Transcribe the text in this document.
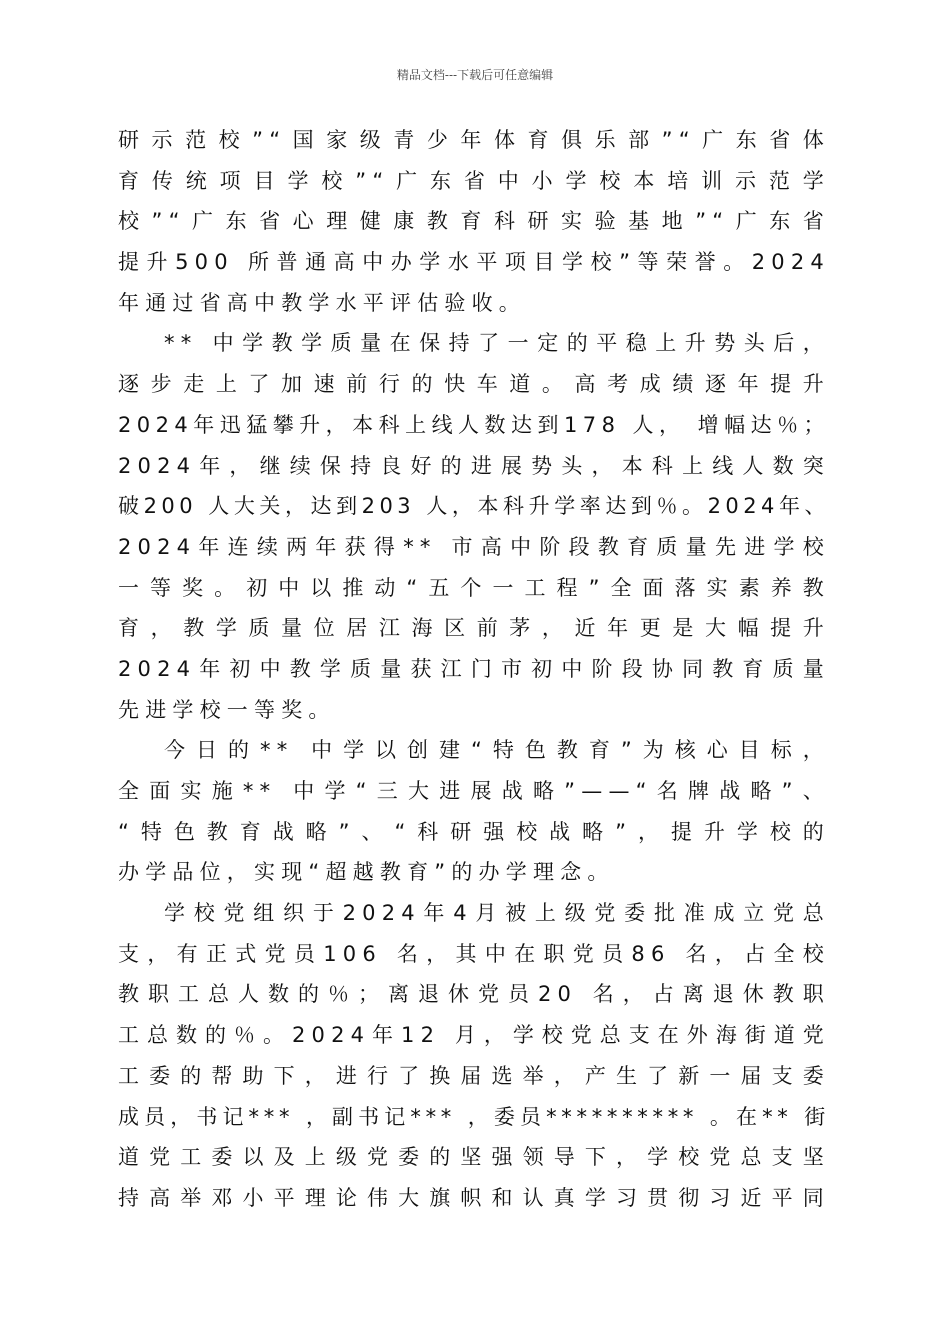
精品文档---下载后可任意编辑
研示范校”“国家级青少年体育俱乐部”“广东省体
育传统项目学校”“广东省中小学校本培训示范学
校”“广东省心理健康教育科研实验基地”“广东省
提升500 所普通高中办学水平项目学校”等荣誉。2024
年通过省高中教学水平评估验收。
** 中学教学质量在保持了一定的平稳上升势头后，
逐步走上了加速前行的快车道。高考成绩逐年提升
2024年迅猛攀升，本科上线人数达到178 人， 增幅达％；
2024年，继续保持良好的进展势头，本科上线人数突
破200 人大关，达到203 人，本科升学率达到％。2024年、
2024年连续两年获得** 市高中阶段教育质量先进学校
一等奖。初中以推动“五个一工程”全面落实素养教
育，教学质量位居江海区前茅，近年更是大幅提升
2024年初中教学质量获江门市初中阶段协同教育质量
先进学校一等奖。
今日的** 中学以创建“特色教育”为核心目标，
全面实施** 中学“三大进展战略”——“名牌战略”、
“特色教育战略”、“科研强校战略”，提升学校的
办学品位，实现“超越教育”的办学理念。
学校党组织于2024年4月被上级党委批准成立党总
支，有正式党员106 名，其中在职党员86 名，占全校
教职工总人数的％；离退休党员20 名，占离退休教职
工总数的％。2024年12 月，学校党总支在外海街道党
工委的帮助下，进行了换届选举，产生了新一届支委
成员，书记*** ，副书记*** ，委员********** 。在** 街
道党工委以及上级党委的坚强领导下，学校党总支坚
持高举邓小平理论伟大旗帜和认真学习贯彻习近平同
